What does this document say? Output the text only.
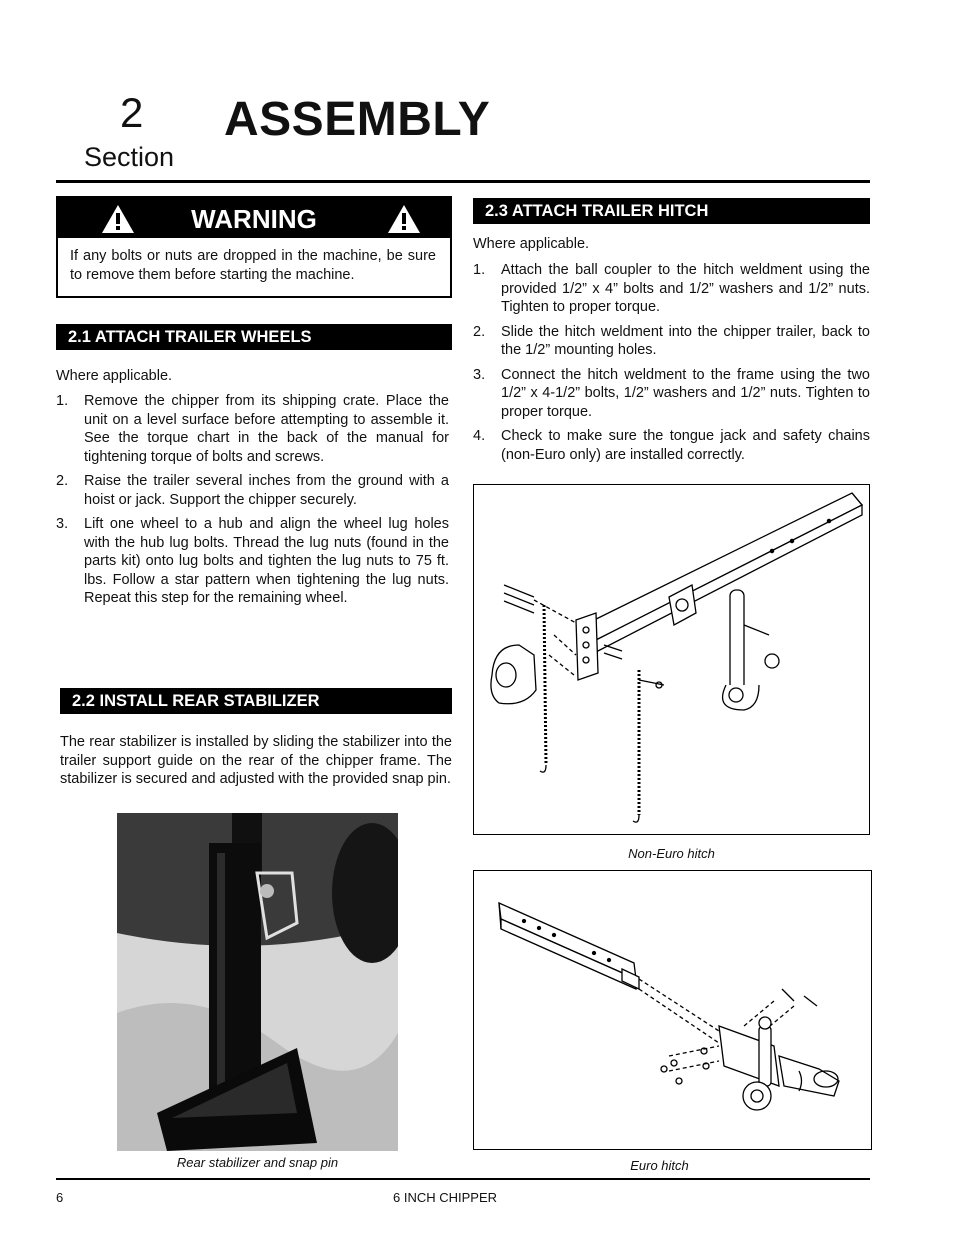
2
Section
ASSEMBLY
WARNING
If any bolts or nuts are dropped in the machine, be sure to remove them before starting the machine.
2.1 ATTACH TRAILER WHEELS
Where applicable.
1. Remove the chipper from its shipping crate. Place the unit on a level surface before attempting to assemble it. See the torque chart in the back of the manual for tightening torque of bolts and screws.
2. Raise the trailer several inches from the ground with a hoist or jack. Support the chipper securely.
3. Lift one wheel to a hub and align the wheel lug holes with the hub lug bolts. Thread the lug nuts (found in the parts kit) onto lug bolts and tighten the lug nuts to 75 ft. lbs. Follow a star pattern when tightening the lug nuts. Repeat this step for the remaining wheel.
2.2 INSTALL REAR STABILIZER
The rear stabilizer is installed by sliding the stabilizer into the trailer support guide on the rear of the chipper frame. The stabilizer is secured and adjusted with the provided snap pin.
Rear stabilizer and snap pin
2.3 ATTACH TRAILER HITCH
Where applicable.
1. Attach the ball coupler to the hitch weldment using the provided 1/2” x 4” bolts and 1/2” washers and 1/2” nuts. Tighten to proper torque.
2. Slide the hitch weldment into the chipper trailer, back to the 1/2” mounting holes.
3. Connect the hitch weldment to the frame using the two 1/2” x 4-1/2” bolts, 1/2” washers and 1/2” nuts. Tighten to proper torque.
4. Check to make sure the tongue jack and safety chains (non-Euro only) are installed correctly.
Non-Euro hitch
Euro hitch
6	6 INCH CHIPPER
